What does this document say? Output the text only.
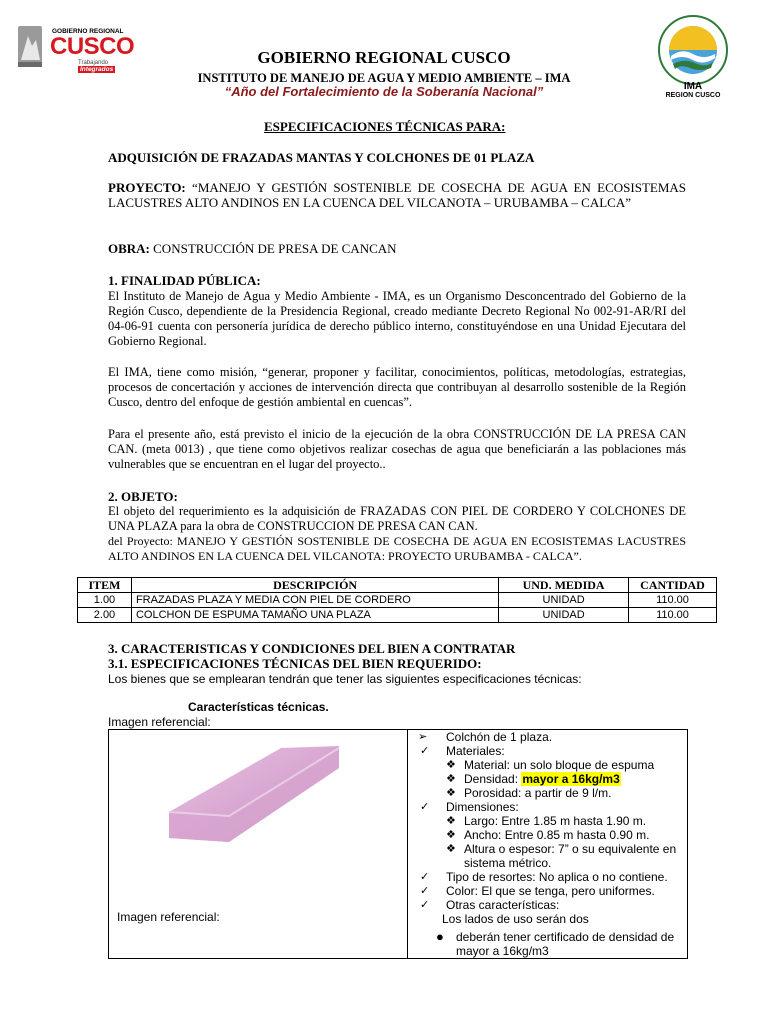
GOBIERNO REGIONAL
CUSCO
Trabajando
Integrados
IMA
REGION CUSCO
GOBIERNO REGIONAL CUSCO
INSTITUTO DE MANEJO DE AGUA Y MEDIO AMBIENTE – IMA
“Año del Fortalecimiento de la Soberanía Nacional”
ESPECIFICACIONES TÉCNICAS PARA:
ADQUISICIÓN DE FRAZADAS MANTAS Y COLCHONES DE 01 PLAZA
PROYECTO: “MANEJO Y GESTIÓN SOSTENIBLE DE COSECHA DE AGUA EN ECOSISTEMAS LACUSTRES ALTO ANDINOS EN LA CUENCA DEL VILCANOTA – URUBAMBA – CALCA”
OBRA: CONSTRUCCIÓN DE PRESA DE CANCAN
1. FINALIDAD PÚBLICA:

El Instituto de Manejo de Agua y Medio Ambiente - IMA, es un Organismo Desconcentrado del Gobierno de la Región Cusco, dependiente de la Presidencia Regional, creado mediante Decreto Regional No 002-91-AR/RI del 04-06-91 cuenta con personería jurídica de derecho público interno, constituyéndose en una Unidad Ejecutara del Gobierno Regional.

El IMA, tiene como misión, “generar, proponer y facilitar, conocimientos, políticas, metodologías, estrategias, procesos de concertación y acciones de intervención directa que contribuyan al desarrollo sostenible de la Región Cusco, dentro del enfoque de gestión ambiental en cuencas”.

Para el presente año, está previsto el inicio de la ejecución de la obra CONSTRUCCIÓN DE LA PRESA CAN CAN. (meta 0013) , que tiene como objetivos realizar cosechas de agua que beneficiarán a las poblaciones más vulnerables que se encuentran en el lugar del proyecto..

2. OBJETO:

El objeto del requerimiento es la adquisición de FRAZADAS CON PIEL DE CORDERO Y COLCHONES DE UNA PLAZA para la obra de CONSTRUCCION DE PRESA CAN CAN.

del Proyecto: MANEJO Y GESTIÓN SOSTENIBLE DE COSECHA DE AGUA EN ECOSISTEMAS LACUSTRES ALTO ANDINOS EN LA CUENCA DEL VILCANOTA: PROYECTO URUBAMBA - CALCA”.

ITEM	DESCRIPCIÓN	UND. MEDIDA	CANTIDAD
1.00	FRAZADAS PLAZA Y MEDIA CON PIEL DE CORDERO	UNIDAD	110.00
2.00	COLCHON DE ESPUMA TAMAÑO UNA PLAZA	UNIDAD	110.00
3. CARACTERISTICAS Y CONDICIONES DEL BIEN A CONTRATAR
3.1. ESPECIFICACIONES TÉCNICAS DEL BIEN REQUERIDO:
Los bienes que se emplearan tendrán que tener las siguientes especificaciones técnicas:
Características técnicas.
Imagen referencial:
Imagen referencial:
➢ Colchón de 1 plaza.
✓ Materiales:
❖ Material: un solo bloque de espuma
❖ Densidad: mayor a 16kg/m3
❖ Porosidad: a partir de 9 l/m.
✓ Dimensiones:
❖ Largo: Entre 1.85 m hasta 1.90 m.
❖ Ancho: Entre 0.85 m hasta 0.90 m.
❖ Altura o espesor: 7” o su equivalente en
sistema métrico.
✓ Tipo de resortes: No aplica o no contiene.
✓ Color: El que se tenga, pero uniformes.
✓ Otras características:
Los lados de uso serán dos
● deberán tener certificado de densidad de
mayor a 16kg/m3
